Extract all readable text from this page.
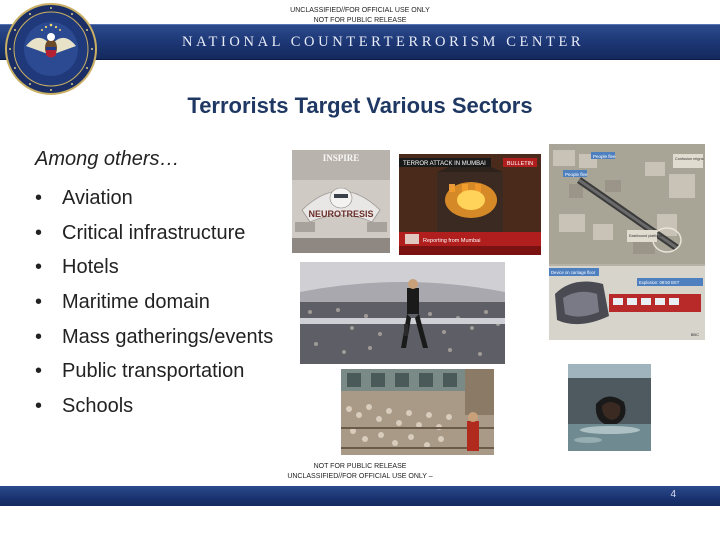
UNCLASSIFIED//FOR OFFICIAL USE ONLY
NOT FOR PUBLIC RELEASE
NATIONAL COUNTERTERRORISM CENTER
Terrorists Target Various Sectors
Among others…
• Aviation
• Critical infrastructure
• Hotels
• Maritime domain
• Mass gatherings/events
• Public transportation
• Schools
INSPIRE
NEUROTRESIS
TERROR ATTACK IN MUMBAI	BULLETIN
Reporting from Mumbai
People flee
People flee
Confusion reigns
Eastbound platform
Device on carriage floor
Explosion: 08:50 BST
BBC
NOT FOR PUBLIC RELEASE
UNCLASSIFIED//FOR OFFICIAL USE ONLY –
4
